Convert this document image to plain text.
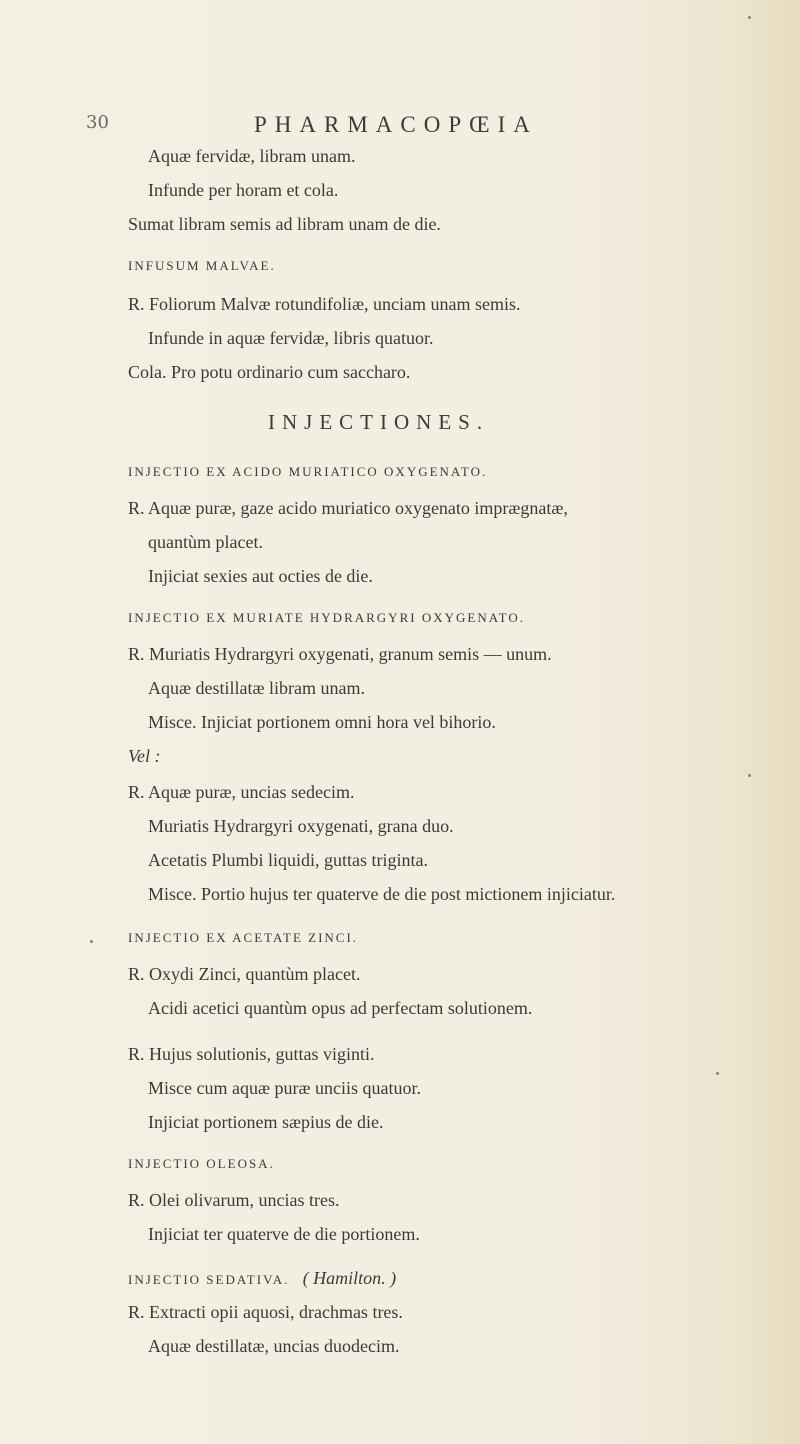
30	PHARMACOPŒIA
Aquæ fervidæ, libram unam.
Infunde per horam et cola.
Sumat libram semis ad libram unam de die.
INFUSUM MALVAE.
R. Foliorum Malvæ rotundifoliæ, unciam unam semis.
Infunde in aquæ fervidæ, libris quatuor.
Cola. Pro potu ordinario cum saccharo.
INJECTIONES.
INJECTIO EX ACIDO MURIATICO OXYGENATO.
R. Aquæ puræ, gaze acido muriatico oxygenato imprægnatæ,
quantùm placet.
Injiciat sexies aut octies de die.
INJECTIO EX MURIATE HYDRARGYRI OXYGENATO.
R. Muriatis Hydrargyri oxygenati, granum semis — unum.
Aquæ destillatæ libram unam.
Misce. Injiciat portionem omni hora vel bihorio.
Vel :
R. Aquæ puræ, uncias sedecim.
Muriatis Hydrargyri oxygenati, grana duo.
Acetatis Plumbi liquidi, guttas triginta.
Misce. Portio hujus ter quaterve de die post mictionem injiciatur.
INJECTIO EX ACETATE ZINCI.
R. Oxydi Zinci, quantùm placet.
Acidi acetici quantùm opus ad perfectam solutionem.
R. Hujus solutionis, guttas viginti.
Misce cum aquæ puræ unciis quatuor.
Injiciat portionem sæpius de die.
INJECTIO OLEOSA.
R. Olei olivarum, uncias tres.
Injiciat ter quaterve de die portionem.
INJECTIO SEDATIVA. ( Hamilton. )
R. Extracti opii aquosi, drachmas tres.
Aquæ destillatæ, uncias duodecim.
